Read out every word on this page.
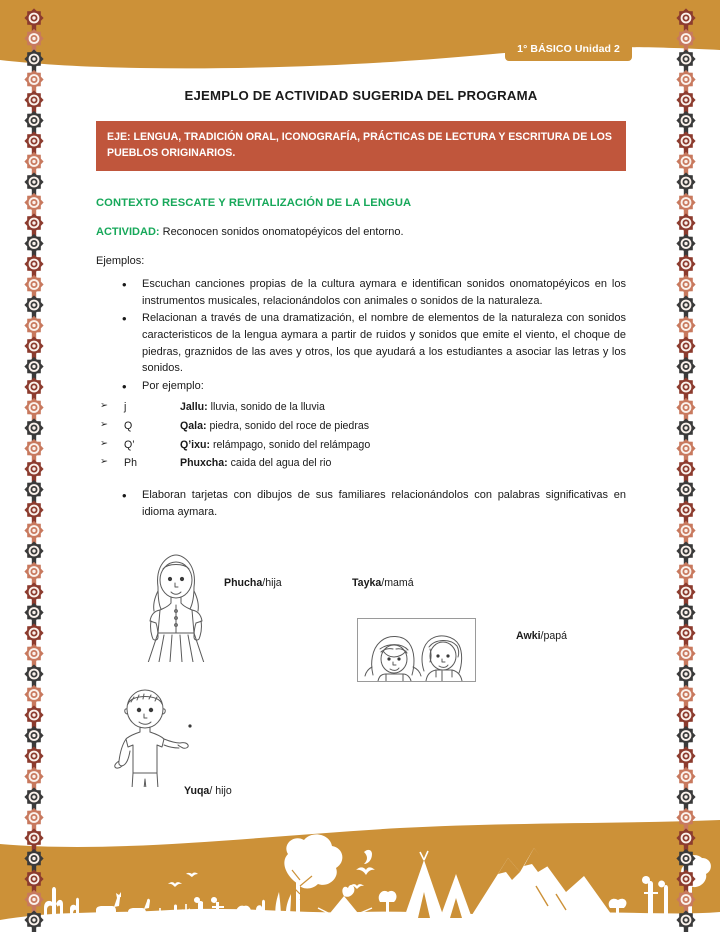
1° BÁSICO Unidad 2
EJEMPLO DE ACTIVIDAD SUGERIDA DEL PROGRAMA
EJE: LENGUA, TRADICIÓN ORAL, ICONOGRAFÍA, PRÁCTICAS DE LECTURA Y ESCRITURA DE LOS PUEBLOS ORIGINARIOS.
CONTEXTO RESCATE Y REVITALIZACIÓN DE LA LENGUA
ACTIVIDAD: Reconocen sonidos onomatopéyicos del entorno.
Ejemplos:
• Escuchan canciones propias de la cultura aymara e identifican sonidos onomatopéyicos en los instrumentos musicales, relacionándolos con animales o sonidos de la naturaleza.
• Relacionan a través de una dramatización, el nombre de elementos de la naturaleza con sonidos caracteristicos de la lengua aymara a partir de ruidos y sonidos que emite el viento, el choque de piedras, graznidos de las aves y otros, los que ayudará a los estudiantes a asociar las letras y los sonidos.
• Por ejemplo:
➢ j	Jallu: lluvia, sonido de la lluvia
➢ Q	Qala: piedra, sonido del roce de piedras
➢ Q’	Q’ixu: relámpago, sonido del relámpago
➢ Ph	Phuxcha: caida del agua del rio
• Elaboran tarjetas con dibujos de sus familiares relacionándolos con palabras significativas en idioma aymara.
Phucha/hija	Tayka/mamá
Awki/papá
Yuqa/ hijo
